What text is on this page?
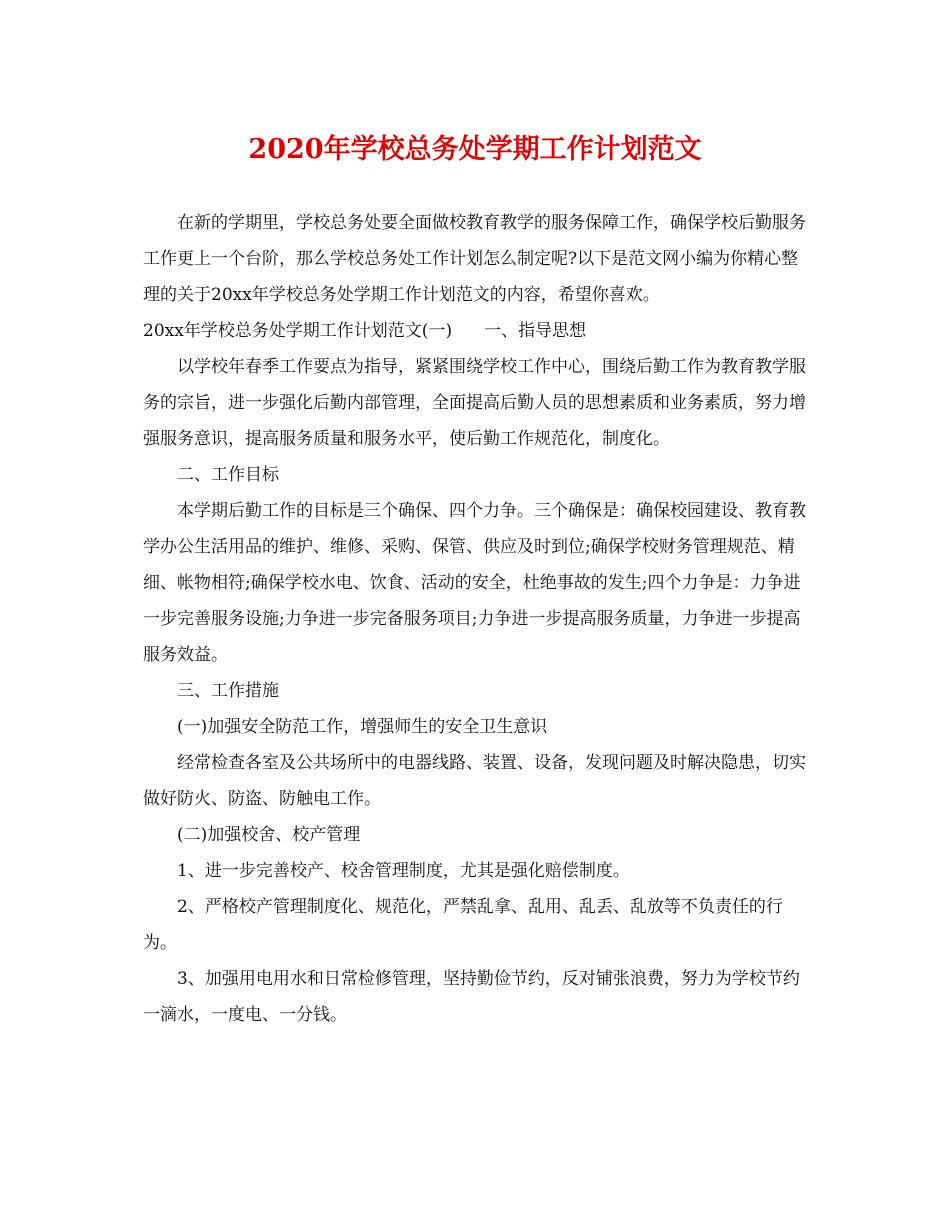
2020年学校总务处学期工作计划范文

在新的学期里，学校总务处要全面做校教育教学的服务保障工作，确保学校后勤服务工作更上一个台阶，那么学校总务处工作计划怎么制定呢?以下是范文网小编为你精心整理的关于20xx年学校总务处学期工作计划范文的内容，希望你喜欢。

20xx年学校总务处学期工作计划范文(一) 一、指导思想

以学校年春季工作要点为指导，紧紧围绕学校工作中心，围绕后勤工作为教育教学服务的宗旨，进一步强化后勤内部管理，全面提高后勤人员的思想素质和业务素质，努力增强服务意识，提高服务质量和服务水平，使后勤工作规范化，制度化。

二、工作目标

本学期后勤工作的目标是三个确保、四个力争。三个确保是：确保校园建设、教育教学办公生活用品的维护、维修、采购、保管、供应及时到位;确保学校财务管理规范、精细、帐物相符;确保学校水电、饮食、活动的安全，杜绝事故的发生;四个力争是：力争进一步完善服务设施;力争进一步完备服务项目;力争进一步提高服务质量，力争进一步提高服务效益。

三、工作措施

(一)加强安全防范工作，增强师生的安全卫生意识

经常检查各室及公共场所中的电器线路、装置、设备，发现问题及时解决隐患，切实做好防火、防盗、防触电工作。

(二)加强校舍、校产管理

1、进一步完善校产、校舍管理制度，尤其是强化赔偿制度。

2、严格校产管理制度化、规范化，严禁乱拿、乱用、乱丢、乱放等不负责任的行为。

3、加强用电用水和日常检修管理，坚持勤俭节约，反对铺张浪费，努力为学校节约一滴水，一度电、一分钱。
